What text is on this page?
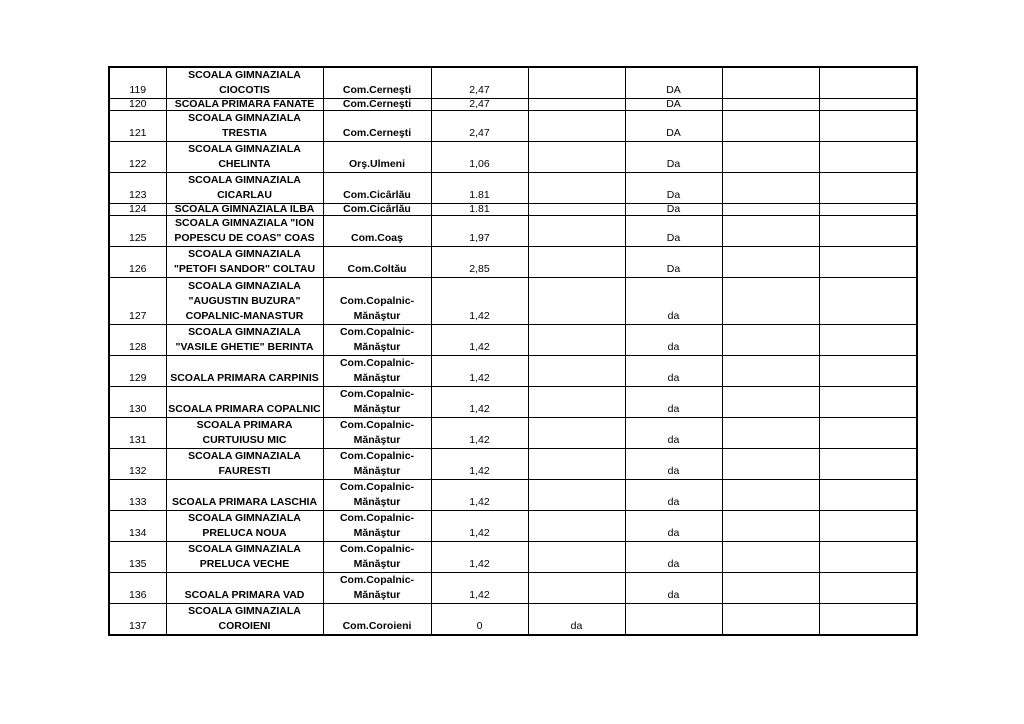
119	SCOALA GIMNAZIALA CIOCOTIS	Com.Cerneşti	2,47		DA		
120	SCOALA PRIMARA FANATE	Com.Cerneşti	2,47		DA		
121	SCOALA GIMNAZIALA TRESTIA	Com.Cerneşti	2,47		DA		
122	SCOALA GIMNAZIALA CHELINTA	Orş.Ulmeni	1,06		Da		
123	SCOALA GIMNAZIALA CICARLAU	Com.Cicârlău	1.81		Da		
124	SCOALA GIMNAZIALA ILBA	Com.Cicârlău	1.81		Da		
125	SCOALA GIMNAZIALA "ION POPESCU DE COAS" COAS	Com.Coaş	1,97		Da		
126	SCOALA GIMNAZIALA "PETOFI SANDOR" COLTAU	Com.Coltău	2,85		Da		
127	SCOALA GIMNAZIALA "AUGUSTIN BUZURA" COPALNIC-MANASTUR	Com.Copalnic-Mănăştur	1,42		da		
128	SCOALA GIMNAZIALA "VASILE GHETIE" BERINTA	Com.Copalnic-Mănăştur	1,42		da		
129	SCOALA PRIMARA CARPINIS	Com.Copalnic-Mănăştur	1,42		da		
130	SCOALA PRIMARA COPALNIC	Com.Copalnic-Mănăştur	1,42		da		
131	SCOALA PRIMARA CURTUIUSU MIC	Com.Copalnic-Mănăştur	1,42		da		
132	SCOALA GIMNAZIALA FAURESTI	Com.Copalnic-Mănăştur	1,42		da		
133	SCOALA PRIMARA LASCHIA	Com.Copalnic-Mănăştur	1,42		da		
134	SCOALA GIMNAZIALA PRELUCA NOUA	Com.Copalnic-Mănăştur	1,42		da		
135	SCOALA GIMNAZIALA PRELUCA VECHE	Com.Copalnic-Mănăştur	1,42		da		
136	SCOALA PRIMARA VAD	Com.Copalnic-Mănăştur	1,42		da		
137	SCOALA GIMNAZIALA COROIENI	Com.Coroieni	0	da			
